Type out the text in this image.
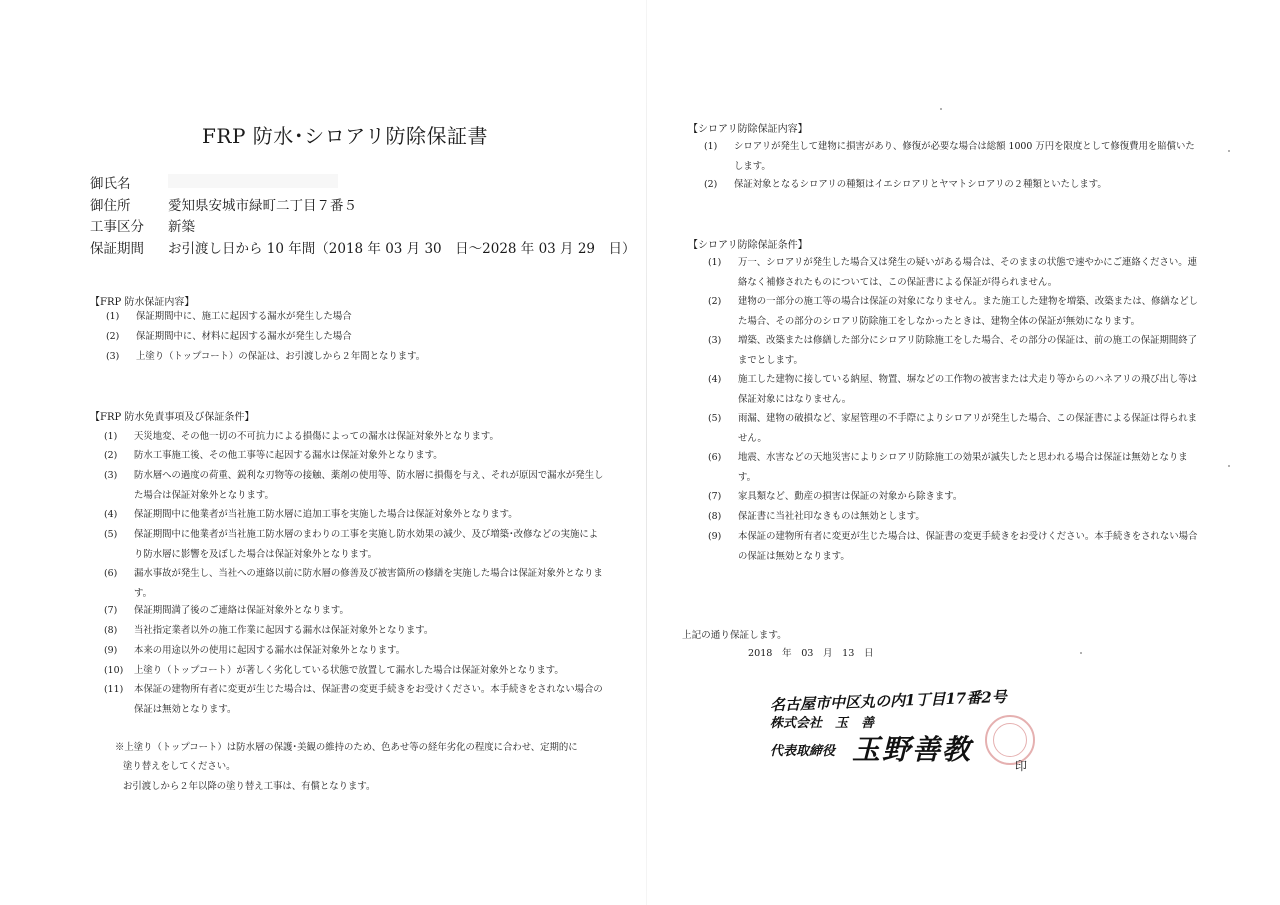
FRP 防水･シロアリ防除保証書
御氏名
御住所	愛知県安城市緑町二丁目７番５
工事区分	新築
保証期間	お引渡し日から 10 年間（2018 年 03 月 30　日〜2028 年 03 月 29　日）
【FRP 防水保証内容】
(1)	保証期間中に、施工に起因する漏水が発生した場合
(2)	保証期間中に、材料に起因する漏水が発生した場合
(3)	上塗り（トップコート）の保証は、お引渡しから２年間となります。
【FRP 防水免責事項及び保証条件】
(1)	天災地変、その他一切の不可抗力による損傷によっての漏水は保証対象外となります。
(2)	防水工事施工後、その他工事等に起因する漏水は保証対象外となります。
(3)	防水層への過度の荷重、鋭利な刃物等の接触、薬剤の使用等、防水層に損傷を与え、それが原因で漏水が発生した場合は保証対象外となります。
(4)	保証期間中に他業者が当社施工防水層に追加工事を実施した場合は保証対象外となります。
(5)	保証期間中に他業者が当社施工防水層のまわりの工事を実施し防水効果の減少、及び増築･改修などの実施により防水層に影響を及ぼした場合は保証対象外となります。
(6)	漏水事故が発生し、当社への連絡以前に防水層の修善及び被害箇所の修繕を実施した場合は保証対象外となります。
(7)	保証期間満了後のご連絡は保証対象外となります。
(8)	当社指定業者以外の施工作業に起因する漏水は保証対象外となります。
(9)	本来の用途以外の使用に起因する漏水は保証対象外となります。
(10)	上塗り（トップコート）が著しく劣化している状態で放置して漏水した場合は保証対象外となります。
(11)	本保証の建物所有者に変更が生じた場合は、保証書の変更手続きをお受けください。本手続きをされない場合の保証は無効となります。
※上塗り（トップコート）は防水層の保護･美観の維持のため、色あせ等の経年劣化の程度に合わせ、定期的に
塗り替えをしてください。
お引渡しから２年以降の塗り替え工事は、有償となります。
【シロアリ防除保証内容】
(1)	シロアリが発生して建物に損害があり、修復が必要な場合は総額 1000 万円を限度として修復費用を賠償いたします。
(2)	保証対象となるシロアリの種類はイエシロアリとヤマトシロアリの２種類といたします。
【シロアリ防除保証条件】
(1)	万一、シロアリが発生した場合又は発生の疑いがある場合は、そのままの状態で速やかにご連絡ください。連絡なく補修されたものについては、この保証書による保証が得られません。
(2)	建物の一部分の施工等の場合は保証の対象になりません。また施工した建物を増築、改築または、修繕などした場合、その部分のシロアリ防除施工をしなかったときは、建物全体の保証が無効になります。
(3)	増築、改築または修繕した部分にシロアリ防除施工をした場合、その部分の保証は、前の施工の保証期間終了までとします。
(4)	施工した建物に接している納屋、物置、塀などの工作物の被害または犬走り等からのハネアリの飛び出し等は保証対象にはなりません。
(5)	雨漏、建物の破損など、家屋管理の不手際によりシロアリが発生した場合、この保証書による保証は得られません。
(6)	地震、水害などの天地災害によりシロアリ防除施工の効果が滅失したと思われる場合は保証は無効となります。
(7)	家具類など、動産の損害は保証の対象から除きます。
(8)	保証書に当社社印なきものは無効とします。
(9)	本保証の建物所有者に変更が生じた場合は、保証書の変更手続きをお受けください。本手続きをされない場合の保証は無効となります。
上記の通り保証します。
2018　年　03　月　13　日
名古屋市中区丸の内1丁目17番2号
株式会社　玉　善
代表取締役 玉野善教	印
